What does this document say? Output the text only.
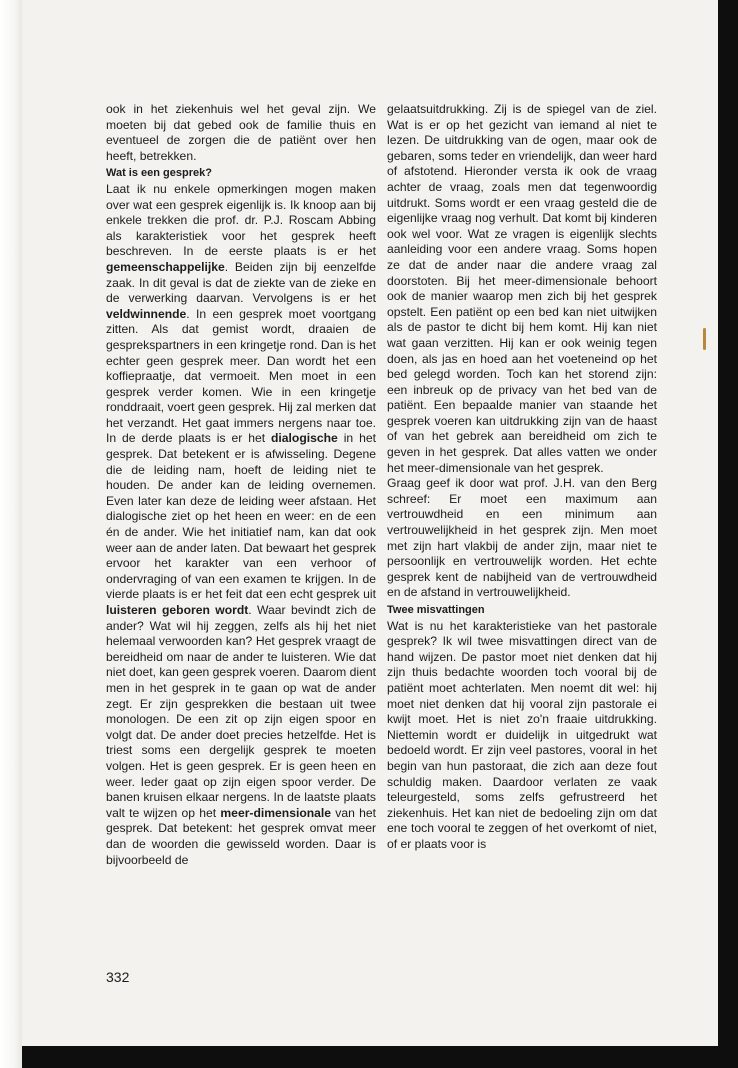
ook in het ziekenhuis wel het geval zijn. We moeten bij dat gebed ook de familie thuis en eventueel de zorgen die de patiënt over hen heeft, betrekken.

Wat is een gesprek?

Laat ik nu enkele opmerkingen mogen maken over wat een gesprek eigenlijk is. Ik knoop aan bij enkele trekken die prof. dr. P.J. Roscam Abbing als karakteristiek voor het gesprek heeft beschreven. In de eerste plaats is er het gemeenschappelijke. Beiden zijn bij eenzelfde zaak. In dit geval is dat de ziekte van de zieke en de verwerking daarvan. Vervolgens is er het veldwinnende. In een gesprek moet voortgang zitten. Als dat gemist wordt, draaien de gesprekspartners in een kringetje rond. Dan is het echter geen gesprek meer. Dan wordt het een koffiepraatje, dat vermoeit. Men moet in een gesprek verder komen. Wie in een kringetje ronddraait, voert geen gesprek. Hij zal merken dat het verzandt. Het gaat immers nergens naar toe. In de derde plaats is er het dialogische in het gesprek. Dat betekent er is afwisseling. Degene die de leiding nam, hoeft de leiding niet te houden. De ander kan de leiding overnemen. Even later kan deze de leiding weer afstaan. Het dialogische ziet op het heen en weer: en de een én de ander. Wie het initiatief nam, kan dat ook weer aan de ander laten. Dat bewaart het gesprek ervoor het karakter van een verhoor of ondervraging of van een examen te krijgen. In de vierde plaats is er het feit dat een echt gesprek uit luisteren geboren wordt. Waar bevindt zich de ander? Wat wil hij zeggen, zelfs als hij het niet helemaal verwoorden kan? Het gesprek vraagt de bereidheid om naar de ander te luisteren. Wie dat niet doet, kan geen gesprek voeren. Daarom dient men in het gesprek in te gaan op wat de ander zegt. Er zijn gesprekken die bestaan uit twee monologen. De een zit op zijn eigen spoor en volgt dat. De ander doet precies hetzelfde. Het is triest soms een dergelijk gesprek te moeten volgen. Het is geen gesprek. Er is geen heen en weer. Ieder gaat op zijn eigen spoor verder. De banen kruisen elkaar nergens. In de laatste plaats valt te wijzen op het meer-dimensionale van het gesprek. Dat betekent: het gesprek omvat meer dan de woorden die gewisseld worden. Daar is bijvoorbeeld de

gelaatsuitdrukking. Zij is de spiegel van de ziel. Wat is er op het gezicht van iemand al niet te lezen. De uitdrukking van de ogen, maar ook de gebaren, soms teder en vriendelijk, dan weer hard of afstotend. Hieronder versta ik ook de vraag achter de vraag, zoals men dat tegenwoordig uitdrukt. Soms wordt er een vraag gesteld die de eigenlijke vraag nog verhult. Dat komt bij kinderen ook wel voor. Wat ze vragen is eigenlijk slechts aanleiding voor een andere vraag. Soms hopen ze dat de ander naar die andere vraag zal doorstoten. Bij het meer-dimensionale behoort ook de manier waarop men zich bij het gesprek opstelt. Een patiënt op een bed kan niet uitwijken als de pastor te dicht bij hem komt. Hij kan niet wat gaan verzitten. Hij kan er ook weinig tegen doen, als jas en hoed aan het voeteneind op het bed gelegd worden. Toch kan het storend zijn: een inbreuk op de privacy van het bed van de patiënt. Een bepaalde manier van staande het gesprek voeren kan uitdrukking zijn van de haast of van het gebrek aan bereidheid om zich te geven in het gesprek. Dat alles vatten we onder het meer-dimensionale van het gesprek.

Graag geef ik door wat prof. J.H. van den Berg schreef: Er moet een maximum aan vertrouwdheid en een minimum aan vertrouwelijkheid in het gesprek zijn. Men moet met zijn hart vlakbij de ander zijn, maar niet te persoonlijk en vertrouwelijk worden. Het echte gesprek kent de nabijheid van de vertrouwdheid en de afstand in vertrouwelijkheid.

Twee misvattingen

Wat is nu het karakteristieke van het pastorale gesprek? Ik wil twee misvattingen direct van de hand wijzen. De pastor moet niet denken dat hij zijn thuis bedachte woorden toch vooral bij de patiënt moet achterlaten. Men noemt dit wel: hij moet niet denken dat hij vooral zijn pastorale ei kwijt moet. Het is niet zo'n fraaie uitdrukking. Niettemin wordt er duidelijk in uitgedrukt wat bedoeld wordt. Er zijn veel pastores, vooral in het begin van hun pastoraat, die zich aan deze fout schuldig maken. Daardoor verlaten ze vaak teleurgesteld, soms zelfs gefrustreerd het ziekenhuis. Het kan niet de bedoeling zijn om dat ene toch vooral te zeggen of het overkomt of niet, of er plaats voor is

332
